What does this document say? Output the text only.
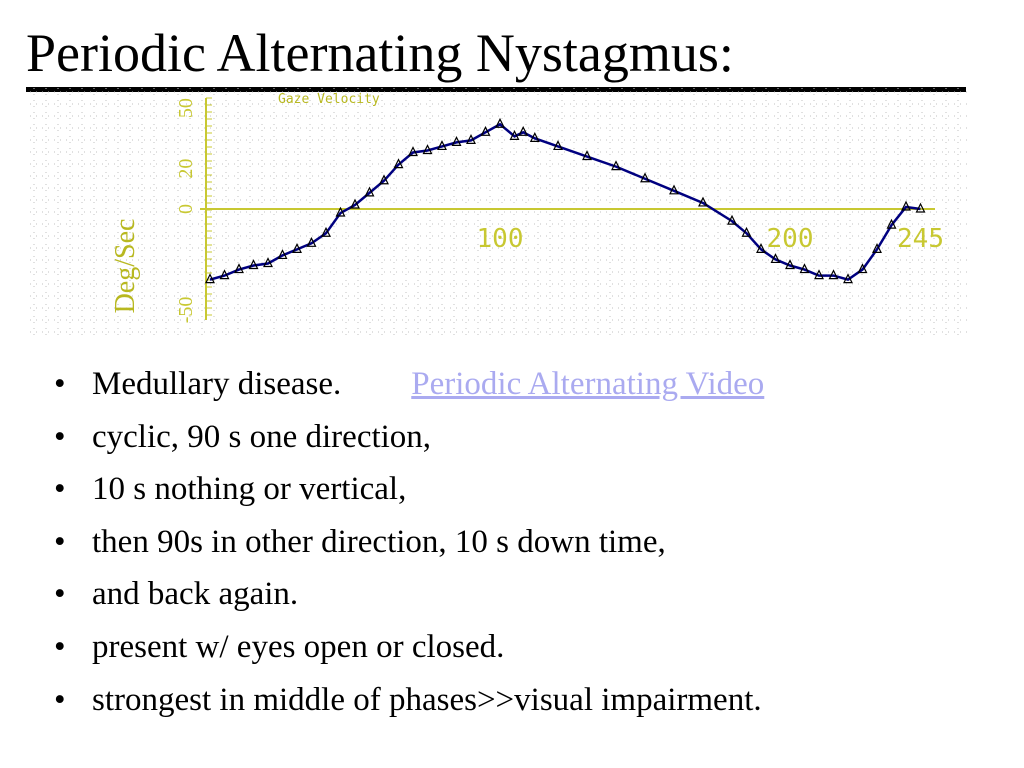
Periodic Alternating Nystagmus:
50
20
0
-50
100	200	245
Gaze Velocity
Deg/Sec
• Medullary disease. Periodic Alternating Video
• cyclic, 90 s one direction,
• 10 s nothing or vertical,
• then 90s in other direction, 10 s down time,
• and back again.
• present w/ eyes open or closed.
• strongest in middle of phases>>visual impairment.
